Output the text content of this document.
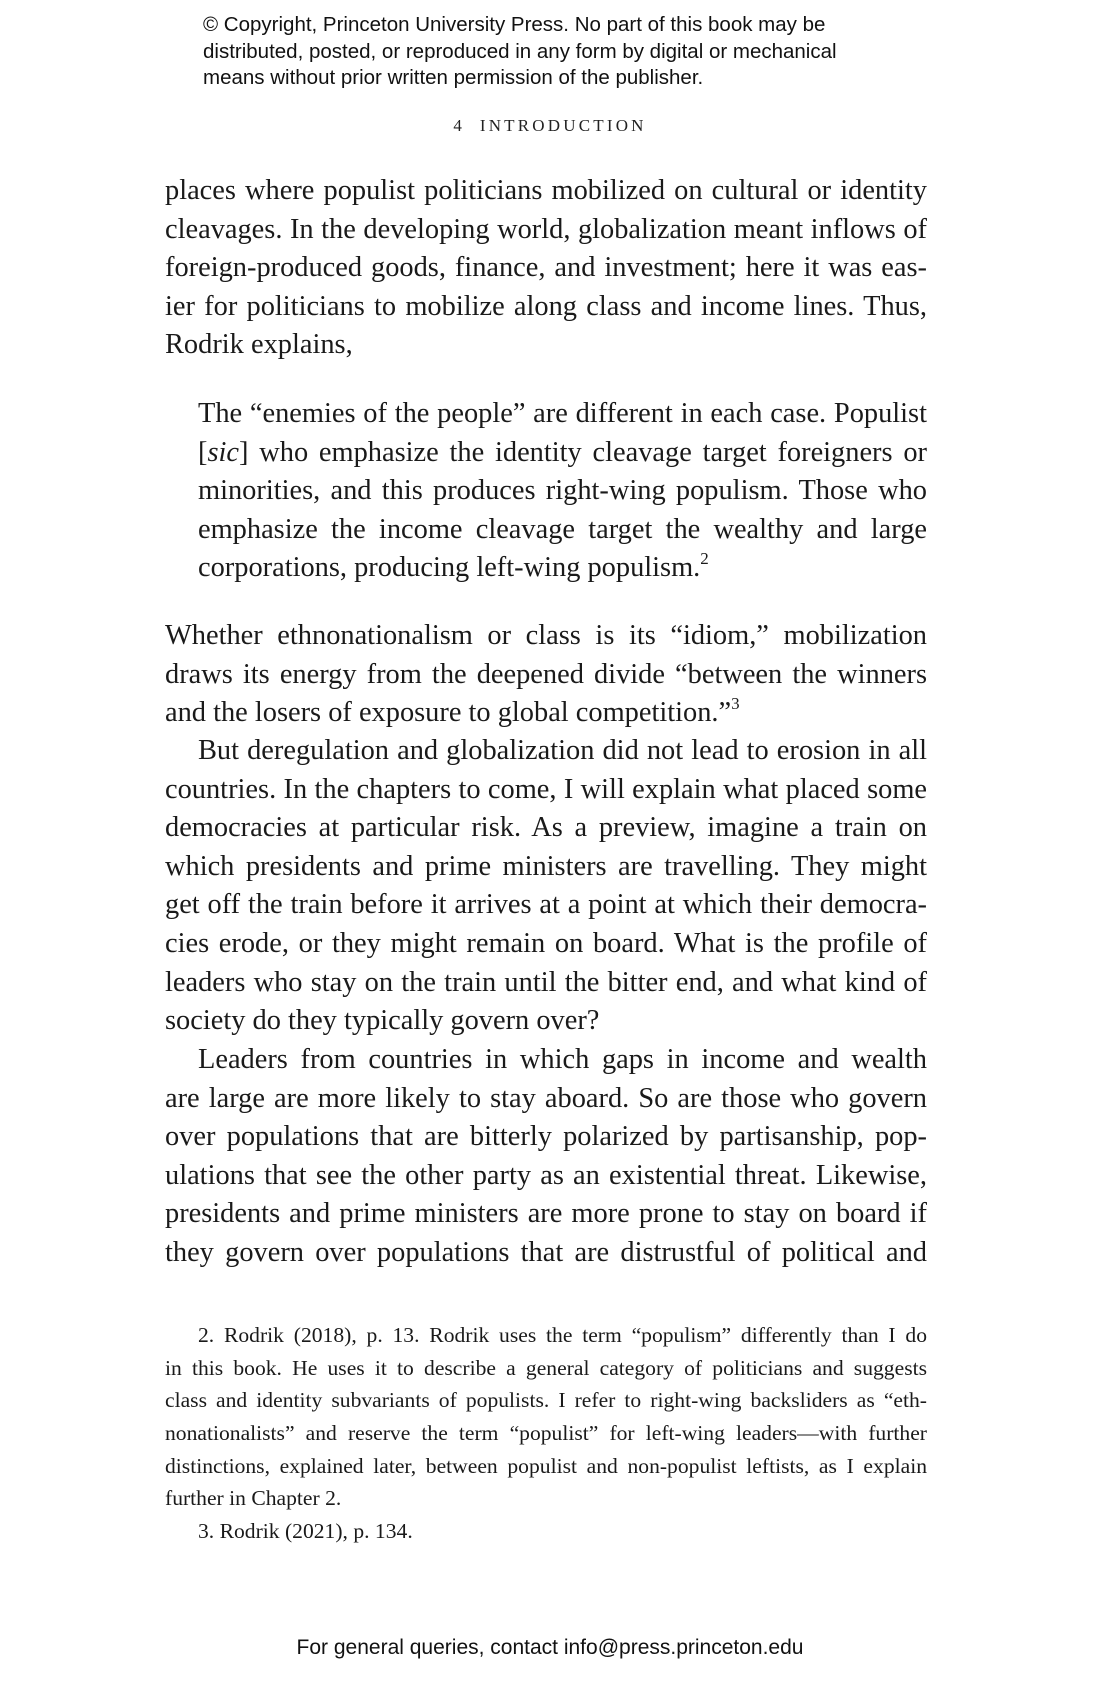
© Copyright, Princeton University Press. No part of this book may be
distributed, posted, or reproduced in any form by digital or mechanical
means without prior written permission of the publisher.
4 INTRODUCTION
places where populist politicians mobilized on cultural or identity
cleavages. In the developing world, globalization meant inflows of
foreign-produced goods, finance, and investment; here it was eas-
ier for politicians to mobilize along class and income lines. Thus,
Rodrik explains,
The “enemies of the people” are different in each case. Populist
[sic] who emphasize the identity cleavage target foreigners or
minorities, and this produces right-wing populism. Those who
emphasize the income cleavage target the wealthy and large
corporations, producing left-wing populism.$^2$
Whether ethnonationalism or class is its “idiom,” mobilization
draws its energy from the deepened divide “between the winners
and the losers of exposure to global competition.”$^3$
But deregulation and globalization did not lead to erosion in all
countries. In the chapters to come, I will explain what placed some
democracies at particular risk. As a preview, imagine a train on
which presidents and prime ministers are travelling. They might
get off the train before it arrives at a point at which their democra-
cies erode, or they might remain on board. What is the profile of
leaders who stay on the train until the bitter end, and what kind of
society do they typically govern over?
Leaders from countries in which gaps in income and wealth
are large are more likely to stay aboard. So are those who govern
over populations that are bitterly polarized by partisanship, pop-
ulations that see the other party as an existential threat. Likewise,
presidents and prime ministers are more prone to stay on board if
they govern over populations that are distrustful of political and
2. Rodrik (2018), p. 13. Rodrik uses the term “populism” differently than I do
in this book. He uses it to describe a general category of politicians and suggests
class and identity subvariants of populists. I refer to right-wing backsliders as “eth-
nonationalists” and reserve the term “populist” for left-wing leaders—with further
distinctions, explained later, between populist and non-populist leftists, as I explain
further in Chapter 2.
3. Rodrik (2021), p. 134.
For general queries, contact info@press.princeton.edu
